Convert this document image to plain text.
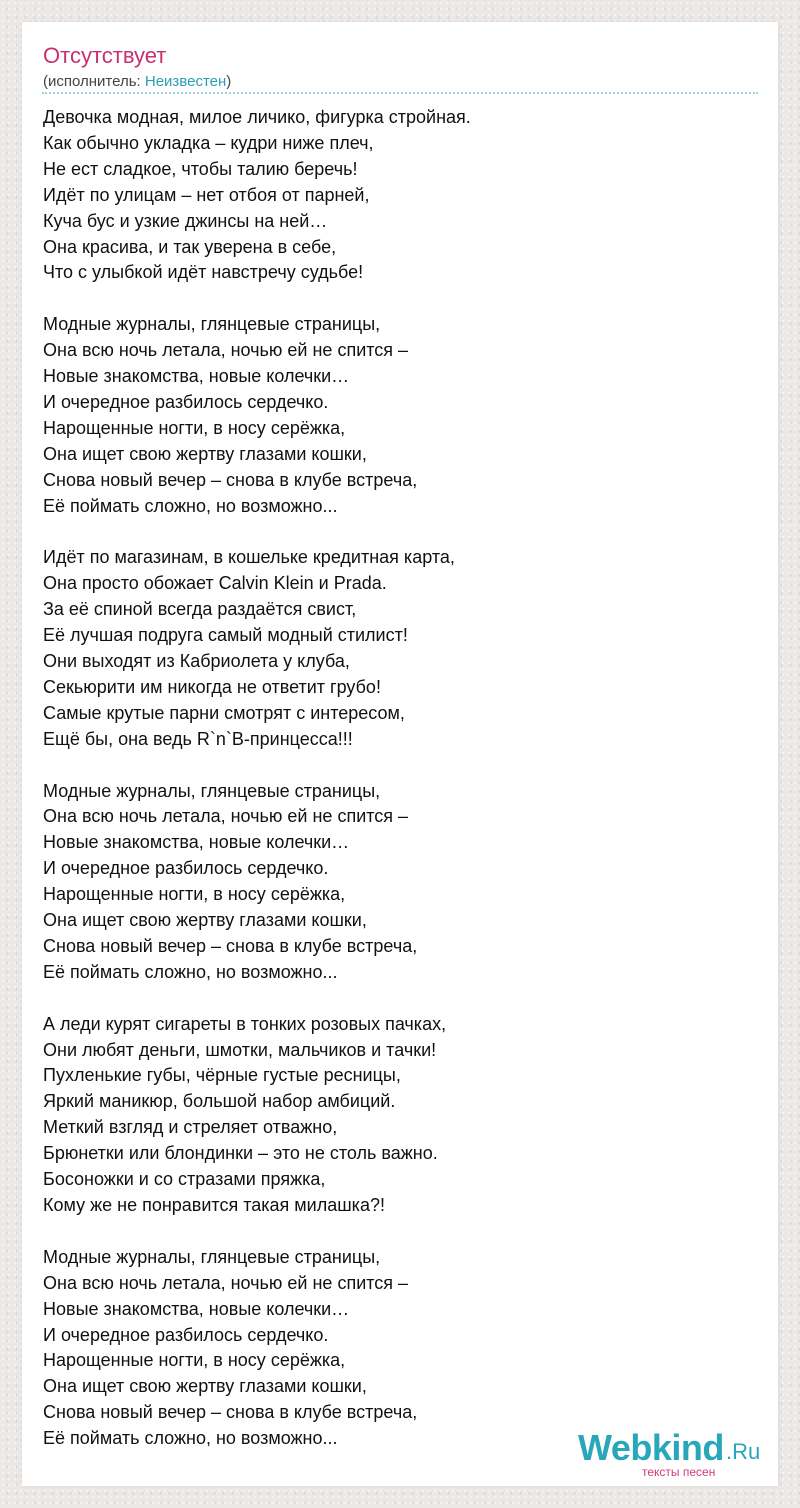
Отсутствует
(исполнитель: Неизвестен)
Девочка модная, милое личико, фигурка стройная.
Как обычно укладка – кудри ниже плеч,
Не ест сладкое, чтобы талию беречь!
Идёт по улицам – нет отбоя от парней,
Куча бус и узкие джинсы на ней…
Она красива, и так уверена в себе,
Что с улыбкой идёт навстречу судьбе!
Модные журналы, глянцевые страницы,
Она всю ночь летала, ночью ей не спится –
Новые знакомства, новые колечки…
И очередное разбилось сердечко.
Нарощенные ногти, в носу серёжка,
Она ищет свою жертву глазами кошки,
Снова новый вечер – снова в клубе встреча,
Её поймать сложно, но возможно...
Идёт по магазинам, в кошельке кредитная карта,
Она просто обожает Calvin Klein и Prada.
За её спиной всегда раздаётся свист,
Её лучшая подруга самый модный стилист!
Они выходят из Кабриолета у клуба,
Секьюрити им никогда не ответит грубо!
Самые крутые парни смотрят с интересом,
Ещё бы, она ведь R`n`B-принцесса!!!
Модные журналы, глянцевые страницы,
Она всю ночь летала, ночью ей не спится –
Новые знакомства, новые колечки…
И очередное разбилось сердечко.
Нарощенные ногти, в носу серёжка,
Она ищет свою жертву глазами кошки,
Снова новый вечер – снова в клубе встреча,
Её поймать сложно, но возможно...
А леди курят сигареты в тонких розовых пачках,
Они любят деньги, шмотки, мальчиков и тачки!
Пухленькие губы, чёрные густые ресницы,
Яркий маникюр, большой набор амбиций.
Меткий взгляд и стреляет отважно,
Брюнетки или блондинки – это не столь важно.
Босоножки и со стразами пряжка,
Кому же не понравится такая милашка?!
Модные журналы, глянцевые страницы,
Она всю ночь летала, ночью ей не спится –
Новые знакомства, новые колечки…
И очередное разбилось сердечко.
Нарощенные ногти, в носу серёжка,
Она ищет свою жертву глазами кошки,
Снова новый вечер – снова в клубе встреча,
Её поймать сложно, но возможно...	Webkind .Ru
тексты песен
